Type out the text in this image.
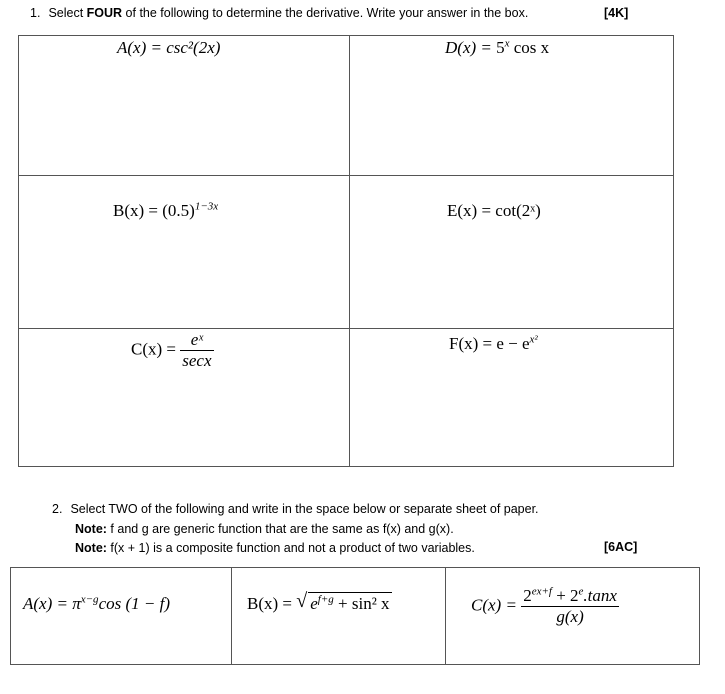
1. Select FOUR of the following to determine the derivative. Write your answer in the box.	[4K]
A(x) = csc²(2x)	$D(x) = 5^x$ cos x
$B(x) = (0.5)^{1-3x}$	E(x) = cot(2ˣ)
$C(x) = \frac{\text{eˣ}}{\sec x}$	$F(x) = e - e^{x^2}$
2. Select TWO of the following and write in the space below or separate sheet of paper.
Note: f and g are generic function that are the same as f(x) and g(x).
Note: f(x + 1) is a composite function and not a product of two variables.	[6AC]
$A(x) = \pi^{x-g}\cos$ (1 − f)	B(x) = √ $e^{f+g} + \sin^2$ x	$C(x) = \frac{2^{ex+f} + 2^e.\tan x}{g(x)}$
